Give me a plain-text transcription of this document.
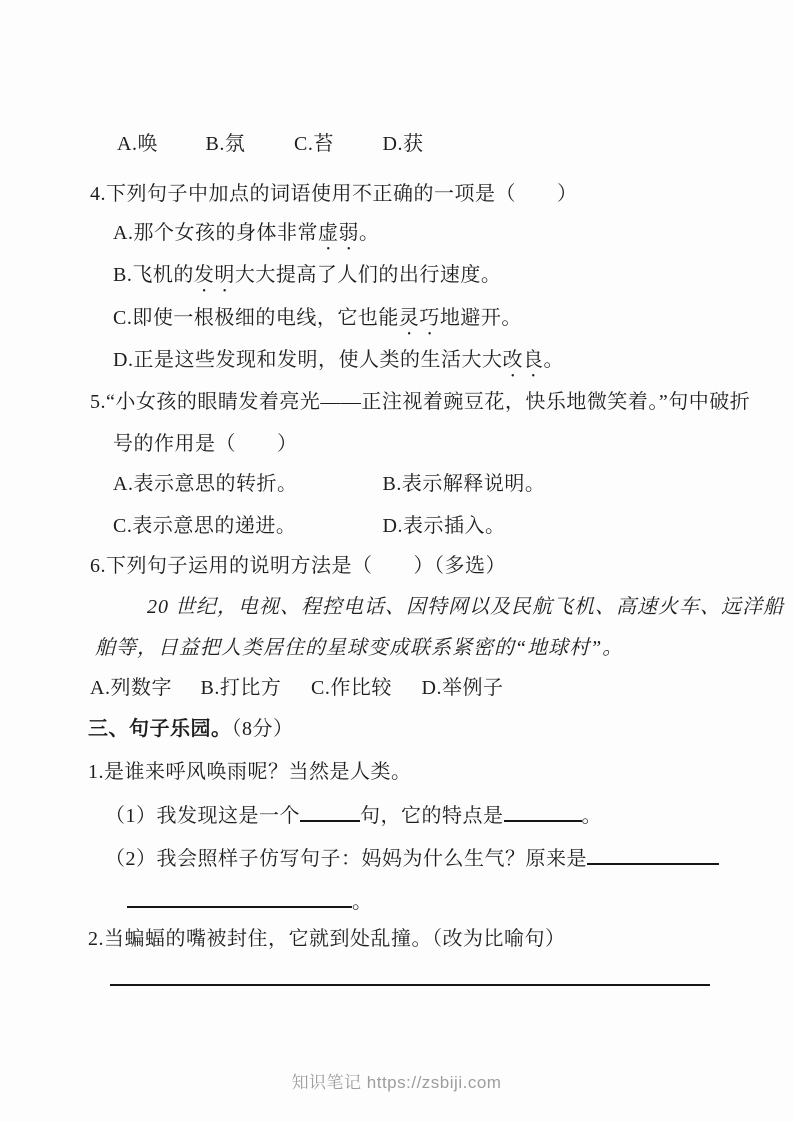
A.唤 B.氛 C.苔 D.获
4.下列句子中加点的词语使用不正确的一项是（　　）
A.那个女孩的身体非常虚弱。
B.飞机的发明大大提高了人们的出行速度。
C.即使一根极细的电线，它也能灵巧地避开。
D.正是这些发现和发明，使人类的生活大大改良。
5.“小女孩的眼睛发着亮光——正注视着豌豆花，快乐地微笑着。”句中破折
号的作用是（　　）
A.表示意思的转折。	B.表示解释说明。
C.表示意思的递进。	D.表示插入。
6.下列句子运用的说明方法是（　　）（多选）
20 世纪，电视、程控电话、因特网以及民航飞机、高速火车、远洋船
舶等，日益把人类居住的星球变成联系紧密的“地球村”。
A.列数字 B.打比方 C.作比较 D.举例子
三、句子乐园。（8分）
1.是谁来呼风唤雨呢？当然是人类。
（1）我发现这是一个	句，它的特点是	。
（2）我会照样子仿写句子：妈妈为什么生气？原来是
。
2.当蝙蝠的嘴被封住，它就到处乱撞。（改为比喻句）
知识笔记 https://zsbiji.com
